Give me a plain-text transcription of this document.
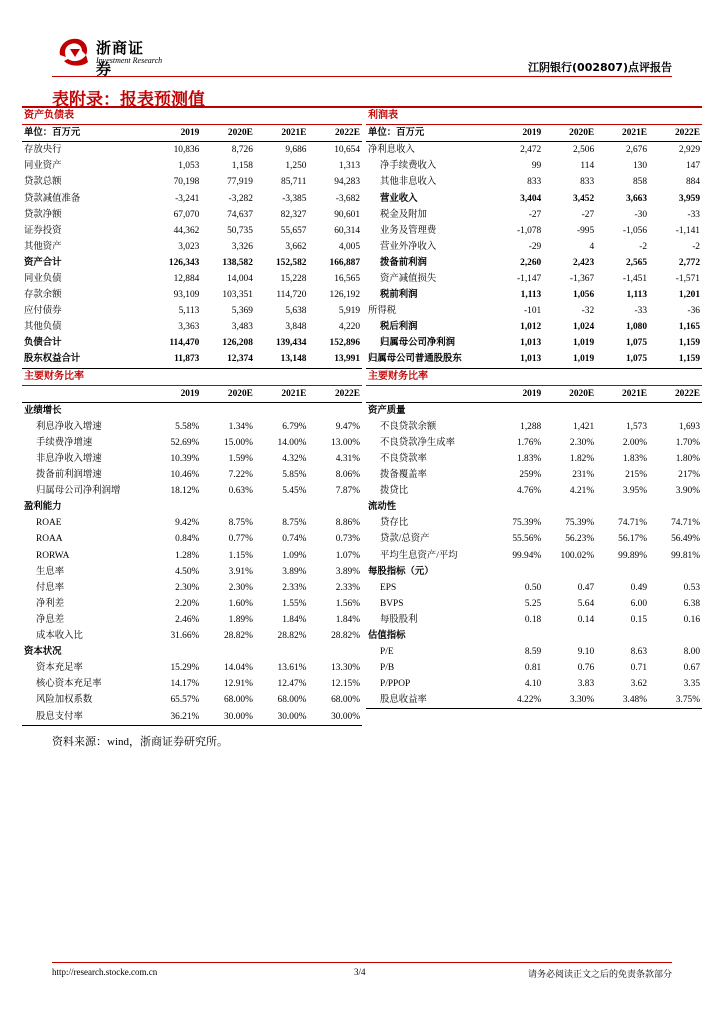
浙商证券
Investment Research
江阴银行(002807)点评报告
表附录：报表预测值
资产负债表				
单位：百万元	2019	2020E	2021E	2022E
存放央行	10,836	8,726	9,686	10,654
同业资产	1,053	1,158	1,250	1,313
贷款总额	70,198	77,919	85,711	94,283
贷款减值准备	-3,241	-3,282	-3,385	-3,682
贷款净额	67,070	74,637	82,327	90,601
证券投资	44,362	50,735	55,657	60,314
其他资产	3,023	3,326	3,662	4,005
资产合计	126,343	138,582	152,582	166,887
同业负债	12,884	14,004	15,228	16,565
存款余额	93,109	103,351	114,720	126,192
应付债券	5,113	5,369	5,638	5,919
其他负债	3,363	3,483	3,848	4,220
负债合计	114,470	126,208	139,434	152,896
股东权益合计	11,873	12,374	13,148	13,991
主要财务比率				
	2019	2020E	2021E	2022E
业绩增长				
利息净收入增速	5.58%	1.34%	6.79%	9.47%
手续费净增速	52.69%	15.00%	14.00%	13.00%
非息净收入增速	10.39%	1.59%	4.32%	4.31%
拨备前利润增速	10.46%	7.22%	5.85%	8.06%
归属母公司净利润增	18.12%	0.63%	5.45%	7.87%
盈利能力				
ROAE	9.42%	8.75%	8.75%	8.86%
ROAA	0.84%	0.77%	0.74%	0.73%
RORWA	1.28%	1.15%	1.09%	1.07%
生息率	4.50%	3.91%	3.89%	3.89%
付息率	2.30%	2.30%	2.33%	2.33%
净利差	2.20%	1.60%	1.55%	1.56%
净息差	2.46%	1.89%	1.84%	1.84%
成本收入比	31.66%	28.82%	28.82%	28.82%
资本状况				
资本充足率	15.29%	14.04%	13.61%	13.30%
核心资本充足率	14.17%	12.91%	12.47%	12.15%
风险加权系数	65.57%	68.00%	68.00%	68.00%
股息支付率	36.21%	30.00%	30.00%	30.00%
利润表				
单位：百万元	2019	2020E	2021E	2022E
净利息收入	2,472	2,506	2,676	2,929
净手续费收入	99	114	130	147
其他非息收入	833	833	858	884
营业收入	3,404	3,452	3,663	3,959
税金及附加	-27	-27	-30	-33
业务及管理费	-1,078	-995	-1,056	-1,141
营业外净收入	-29	4	-2	-2
拨备前利润	2,260	2,423	2,565	2,772
资产减值损失	-1,147	-1,367	-1,451	-1,571
税前利润	1,113	1,056	1,113	1,201
所得税	-101	-32	-33	-36
税后利润	1,012	1,024	1,080	1,165
归属母公司净利润	1,013	1,019	1,075	1,159
归属母公司普通股股东	1,013	1,019	1,075	1,159
主要财务比率				
	2019	2020E	2021E	2022E
资产质量				
不良贷款余额	1,288	1,421	1,573	1,693
不良贷款净生成率	1.76%	2.30%	2.00%	1.70%
不良贷款率	1.83%	1.82%	1.83%	1.80%
拨备覆盖率	259%	231%	215%	217%
拨贷比	4.76%	4.21%	3.95%	3.90%
流动性				
贷存比	75.39%	75.39%	74.71%	74.71%
贷款/总资产	55.56%	56.23%	56.17%	56.49%
平均生息资产/平均	99.94%	100.02%	99.89%	99.81%
每股指标（元）				
EPS	0.50	0.47	0.49	0.53
BVPS	5.25	5.64	6.00	6.38
每股股利	0.18	0.14	0.15	0.16
估值指标				
P/E	8.59	9.10	8.63	8.00
P/B	0.81	0.76	0.71	0.67
P/PPOP	4.10	3.83	3.62	3.35
股息收益率	4.22%	3.30%	3.48%	3.75%
资料来源：wind，浙商证券研究所。
http://research.stocke.com.cn	3/4	请务必阅读正文之后的免责条款部分
